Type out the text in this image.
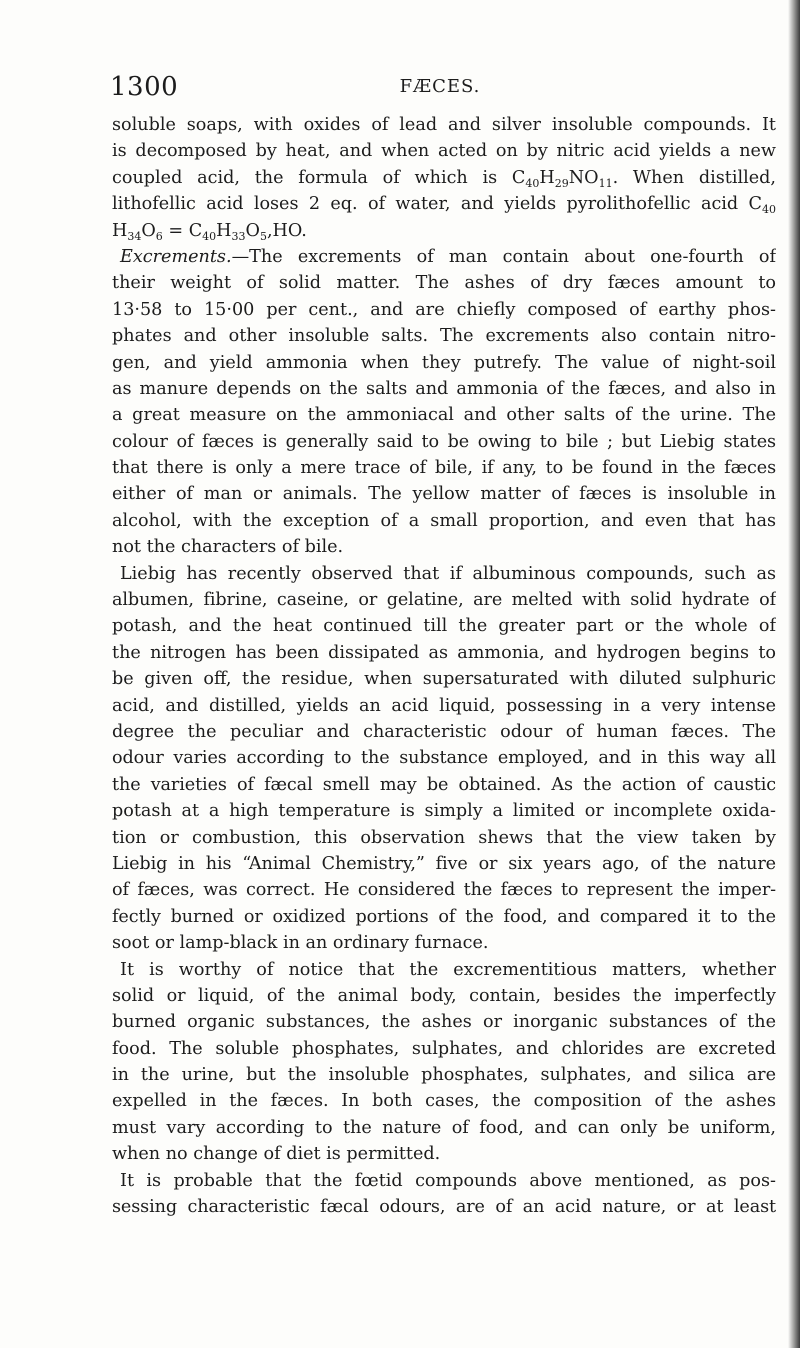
1300	FÆCES.
soluble soaps, with oxides of lead and silver insoluble compounds. It
is decomposed by heat, and when acted on by nitric acid yields a new
coupled acid, the formula of which is $C_{40}H_{29}NO_{11}$. When distilled,
lithofellic acid loses 2 eq. of water, and yields pyrolithofellic acid $C_{40}$
$H_{34}O_6 = C_{40}H_{33}O_5,HO$.
Excrements.—The excrements of man contain about one-fourth of
their weight of solid matter. The ashes of dry fæces amount to
13·58 to 15·00 per cent., and are chiefly composed of earthy phos-
phates and other insoluble salts. The excrements also contain nitro-
gen, and yield ammonia when they putrefy. The value of night-soil
as manure depends on the salts and ammonia of the fæces, and also in
a great measure on the ammoniacal and other salts of the urine. The
colour of fæces is generally said to be owing to bile ; but Liebig states
that there is only a mere trace of bile, if any, to be found in the fæces
either of man or animals. The yellow matter of fæces is insoluble in
alcohol, with the exception of a small proportion, and even that has
not the characters of bile.
Liebig has recently observed that if albuminous compounds, such as
albumen, fibrine, caseine, or gelatine, are melted with solid hydrate of
potash, and the heat continued till the greater part or the whole of
the nitrogen has been dissipated as ammonia, and hydrogen begins to
be given off, the residue, when supersaturated with diluted sulphuric
acid, and distilled, yields an acid liquid, possessing in a very intense
degree the peculiar and characteristic odour of human fæces. The
odour varies according to the substance employed, and in this way all
the varieties of fæcal smell may be obtained. As the action of caustic
potash at a high temperature is simply a limited or incomplete oxida-
tion or combustion, this observation shews that the view taken by
Liebig in his “Animal Chemistry,” five or six years ago, of the nature
of fæces, was correct. He considered the fæces to represent the imper-
fectly burned or oxidized portions of the food, and compared it to the
soot or lamp-black in an ordinary furnace.
It is worthy of notice that the excrementitious matters, whether
solid or liquid, of the animal body, contain, besides the imperfectly
burned organic substances, the ashes or inorganic substances of the
food. The soluble phosphates, sulphates, and chlorides are excreted
in the urine, but the insoluble phosphates, sulphates, and silica are
expelled in the fæces. In both cases, the composition of the ashes
must vary according to the nature of food, and can only be uniform,
when no change of diet is permitted.
It is probable that the fœtid compounds above mentioned, as pos-
sessing characteristic fæcal odours, are of an acid nature, or at least
